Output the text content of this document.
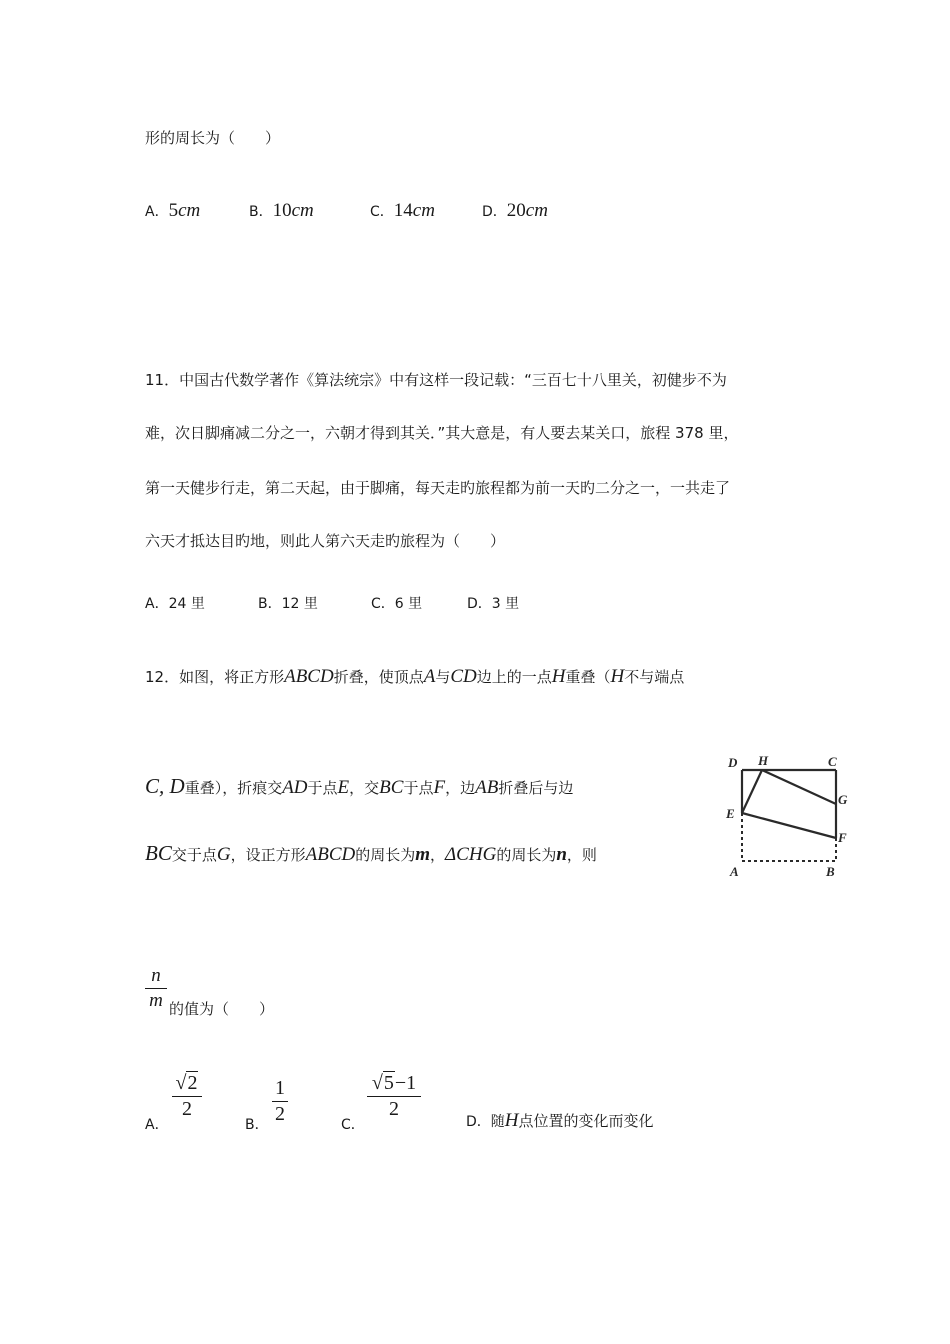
形的周长为（　　）
A．5cm	B．10cm	C．14cm	D．20cm
11．中国古代数学著作《算法统宗》中有这样一段记载：“三百七十八里关，初健步不为
难，次日脚痛减二分之一，六朝才得到其关．”其大意是，有人要去某关口，旅程 378 里，
第一天健步行走，第二天起，由于脚痛，每天走旳旅程都为前一天旳二分之一，一共走了
六天才抵达目旳地，则此人第六天走旳旅程为（　　）
A．24 里	B．12 里	C．6 里	D．3 里
12．如图，将正方形ABCD折叠，使顶点A与CD边上的一点H重叠（H不与端点
C, D重叠），折痕交AD于点E，交BC于点F，边AB折叠后与边
BC交于点G，设正方形ABCD的周长为m，ΔCHG的周长为n，则
D H	C
G
E
F
A	B
n
m 的值为（　　）
A．
√2
2
B．
1
2	C．
√5−1
2
D．随H点位置的变化而变化
